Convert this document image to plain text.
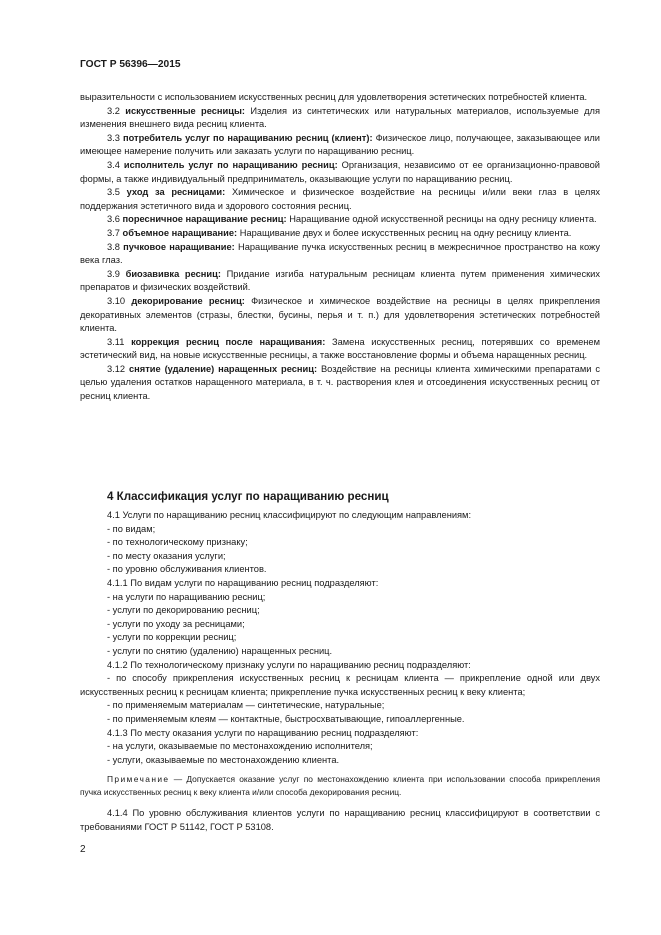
ГОСТ Р 56396—2015

выразительности с использованием искусственных ресниц для удовлетворения эстетических потребностей клиента.

3.2 искусственные ресницы: Изделия из синтетических или натуральных материалов, используемые для изменения внешнего вида ресниц клиента.

3.3 потребитель услуг по наращиванию ресниц (клиент): Физическое лицо, получающее, заказывающее или имеющее намерение получить или заказать услуги по наращиванию ресниц.

3.4 исполнитель услуг по наращиванию ресниц: Организация, независимо от ее организационно-правовой формы, а также индивидуальный предприниматель, оказывающие услуги по наращиванию ресниц.

3.5 уход за ресницами: Химическое и физическое воздействие на ресницы и/или веки глаз в целях поддержания эстетичного вида и здорового состояния ресниц.

3.6 поресничное наращивание ресниц: Наращивание одной искусственной ресницы на одну ресницу клиента.

3.7 объемное наращивание: Наращивание двух и более искусственных ресниц на одну ресницу клиента.

3.8 пучковое наращивание: Наращивание пучка искусственных ресниц в межресничное пространство на кожу века глаз.

3.9 биозавивка ресниц: Придание изгиба натуральным ресницам клиента путем применения химических препаратов и физических воздействий.

3.10 декорирование ресниц: Физическое и химическое воздействие на ресницы в целях прикрепления декоративных элементов (стразы, блестки, бусины, перья и т. п.) для удовлетворения эстетических потребностей клиента.

3.11 коррекция ресниц после наращивания: Замена искусственных ресниц, потерявших со временем эстетический вид, на новые искусственные ресницы, а также восстановление формы и объема наращенных ресниц.

3.12 снятие (удаление) наращенных ресниц: Воздействие на ресницы клиента химическими препаратами с целью удаления остатков наращенного материала, в т. ч. растворения клея и отсоединения искусственных ресниц от ресниц клиента.

4 Классификация услуг по наращиванию ресниц

4.1 Услуги по наращиванию ресниц классифицируют по следующим направлениям:

- по видам;

- по технологическому признаку;

- по месту оказания услуги;

- по уровню обслуживания клиентов.

4.1.1 По видам услуги по наращиванию ресниц подразделяют:

- на услуги по наращиванию ресниц;

- услуги по декорированию ресниц;

- услуги по уходу за ресницами;

- услуги по коррекции ресниц;

- услуги по снятию (удалению) наращенных ресниц.

4.1.2 По технологическому признаку услуги по наращиванию ресниц подразделяют:

- по способу прикрепления искусственных ресниц к ресницам клиента — прикрепление одной или двух искусственных ресниц к ресницам клиента; прикрепление пучка искусственных ресниц к веку клиента;

- по применяемым материалам — синтетические, натуральные;

- по применяемым клеям — контактные, быстросхватывающие, гипоаллергенные.

4.1.3 По месту оказания услуги по наращиванию ресниц подразделяют:

- на услуги, оказываемые по местонахождению исполнителя;

- услуги, оказываемые по местонахождению клиента.

Примечание — Допускается оказание услуг по местонахождению клиента при использовании способа прикрепления пучка искусственных ресниц к веку клиента и/или способа декорирования ресниц.

4.1.4 По уровню обслуживания клиентов услуги по наращиванию ресниц классифицируют в соответствии с требованиями ГОСТ Р 51142, ГОСТ Р 53108.

2
